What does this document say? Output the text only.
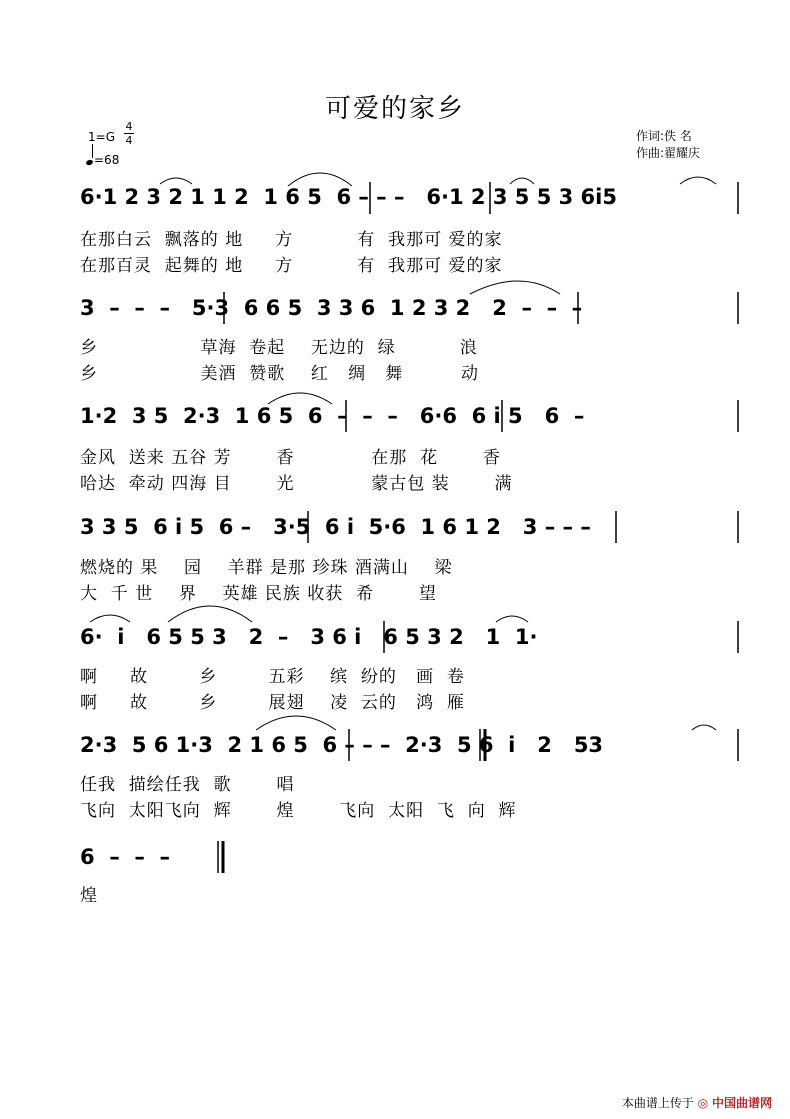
可爱的家乡
1=G
4
4
=68
作词:佚 名
作曲:翟耀庆
6·1 2 3 2 1 1 2  1 6 5  6 – – –   6·1 2 3 5 5 3 6i5
在那白云  飘落的 地     方          有  我那可 爱的家
在那百灵  起舞的 地     方          有  我那可 爱的家
3  –  –  –   5·3  6 6 5  3 3 6  1 2 3 2   2  –  –  –
乡                草海  卷起    无边的  绿          浪
乡                美酒  赞歌    红   绸   舞         动
1·2  3 5  2·3  1 6 5  6  –  –  –   6·6  6 i 5   6  –
金风  送来 五谷 芳       香            在那  花       香
哈达  牵动 四海 目       光            蒙古包 装       满
3 3 5  6 i 5  6 –   3·5  6 i  5·6  1 6 1 2   3 – – –
燃烧的 果    园    羊群 是那 珍珠 酒满山    梁
大  千 世    界    英雄 民族 收获  希       望
6·  i   6 5 5 3   2  –   3 6 i   6 5 3 2   1  1·
啊     故        乡        五彩    缤  纷的   画  卷
啊     故        乡        展翅    凌  云的   鸿  雁
2·3  5 6 1·3  2 1 6 5  6 – – –  2·3  5 6  i   2   53
任我  描绘任我  歌       唱
飞向  太阳飞向  辉       煌       飞向  太阳  飞  向  辉
6  –  –  –
煌
本曲谱上传于 ◎ 中国曲谱网
